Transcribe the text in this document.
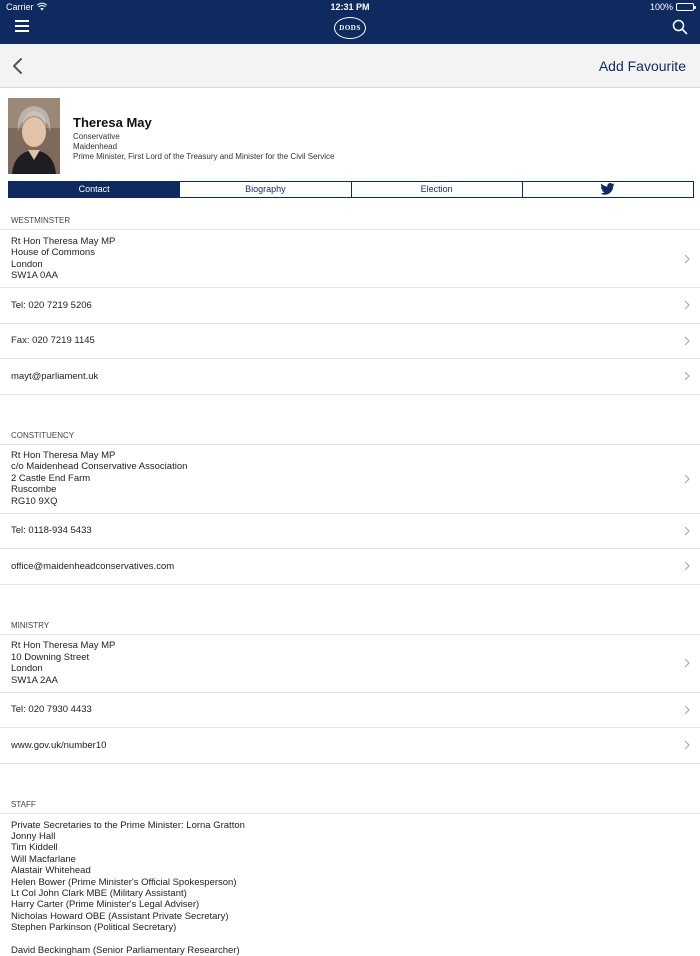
Carrier	12:31 PM	100%
DODS
Add Favourite
Theresa May
Conservative
Maidenhead
Prime Minister, First Lord of the Treasury and Minister for the Civil Service
Contact	Biography	Election
WESTMINSTER
Rt Hon Theresa May MP
House of Commons
London
SW1A 0AA
Tel: 020 7219 5206
Fax: 020 7219 1145
mayt@parliament.uk
CONSTITUENCY
Rt Hon Theresa May MP
c/o Maidenhead Conservative Association
2 Castle End Farm
Ruscombe
RG10 9XQ
Tel: 0118-934 5433
office@maidenheadconservatives.com
MINISTRY
Rt Hon Theresa May MP
10 Downing Street
London
SW1A 2AA
Tel: 020 7930 4433
www.gov.uk/number10
STAFF
Private Secretaries to the Prime Minister: Lorna Gratton
Jonny Hall
Tim Kiddell
Will Macfarlane
Alastair Whitehead
Helen Bower (Prime Minister's Official Spokesperson)
Lt Col John Clark MBE (Military Assistant)
Harry Carter (Prime Minister's Legal Adviser)
Nicholas Howard OBE (Assistant Private Secretary)
Stephen Parkinson (Political Secretary)
David Beckingham (Senior Parliamentary Researcher)
